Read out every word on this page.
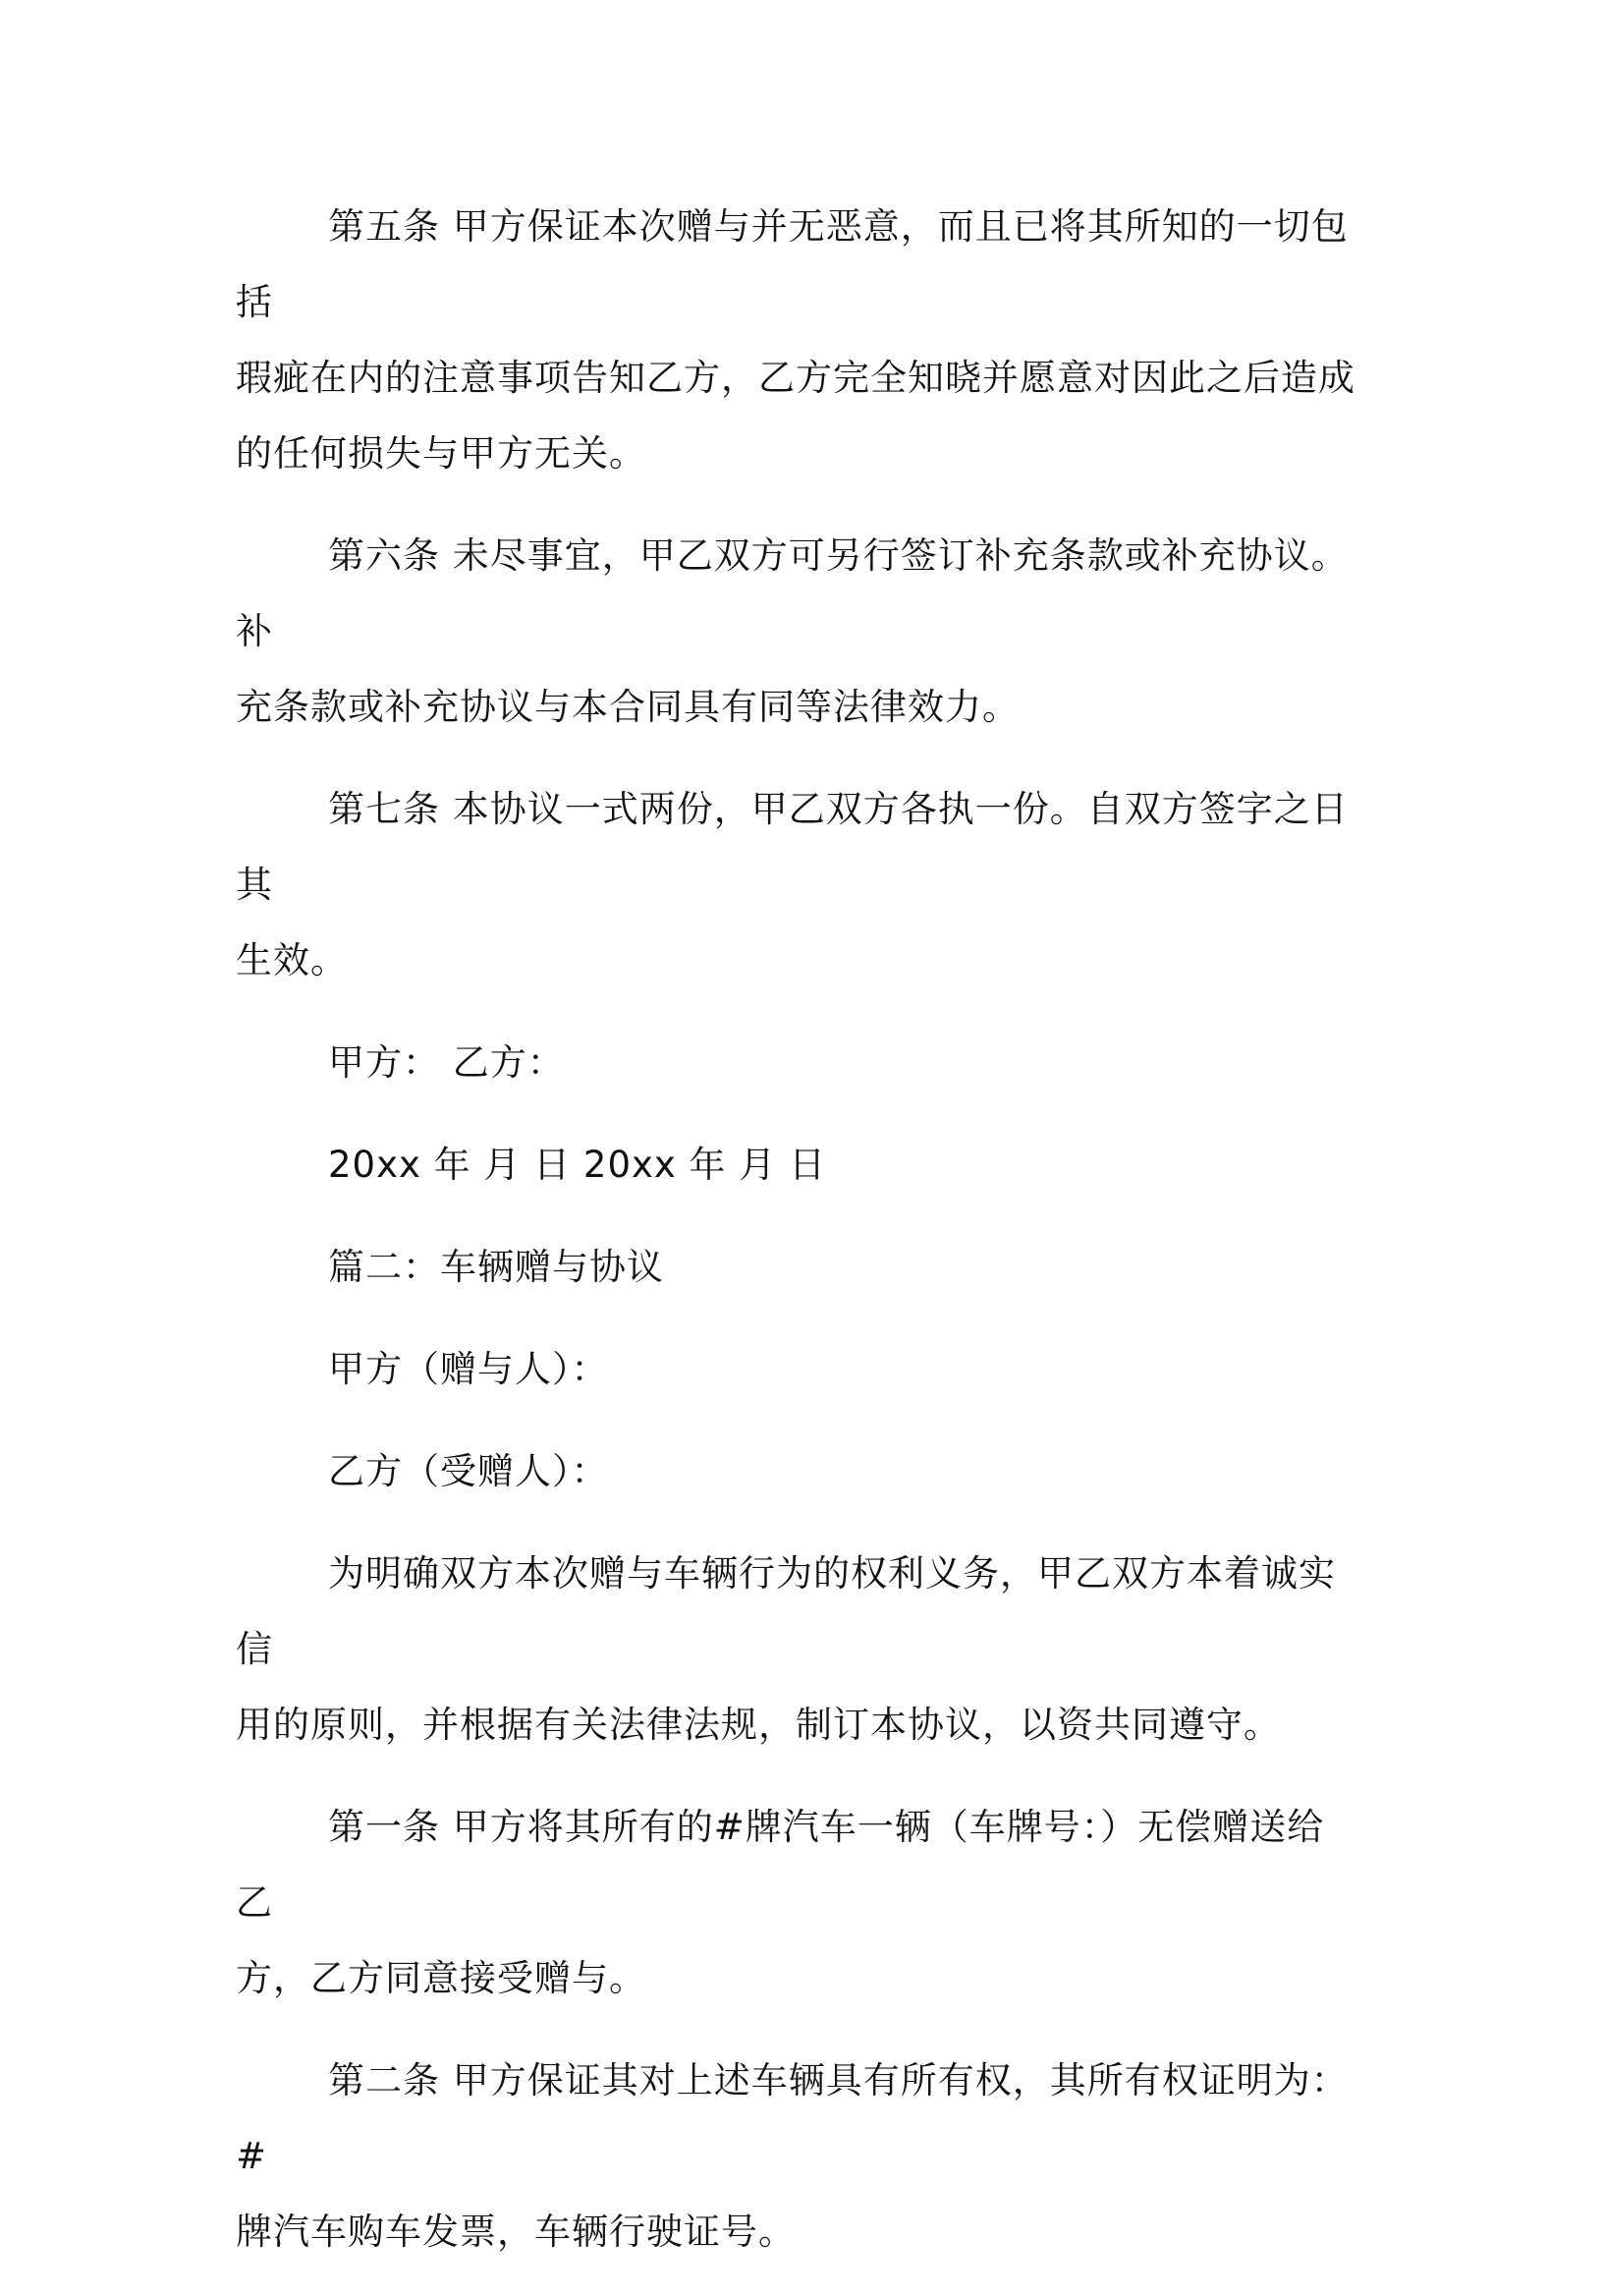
第五条 甲方保证本次赠与并无恶意，而且已将其所知的一切包括
瑕疵在内的注意事项告知乙方，乙方完全知晓并愿意对因此之后造成
的任何损失与甲方无关。

第六条 未尽事宜，甲乙双方可另行签订补充条款或补充协议。补
充条款或补充协议与本合同具有同等法律效力。

第七条 本协议一式两份，甲乙双方各执一份。自双方签字之日其
生效。

甲方： 乙方：

20xx 年 月 日 20xx 年 月 日

篇二：车辆赠与协议

甲方（赠与人）：

乙方（受赠人）：

为明确双方本次赠与车辆行为的权利义务，甲乙双方本着诚实信
用的原则，并根据有关法律法规，制订本协议，以资共同遵守。

第一条 甲方将其所有的#牌汽车一辆（车牌号：）无偿赠送给乙
方，乙方同意接受赠与。

第二条 甲方保证其对上述车辆具有所有权，其所有权证明为：#
牌汽车购车发票，车辆行驶证号。
